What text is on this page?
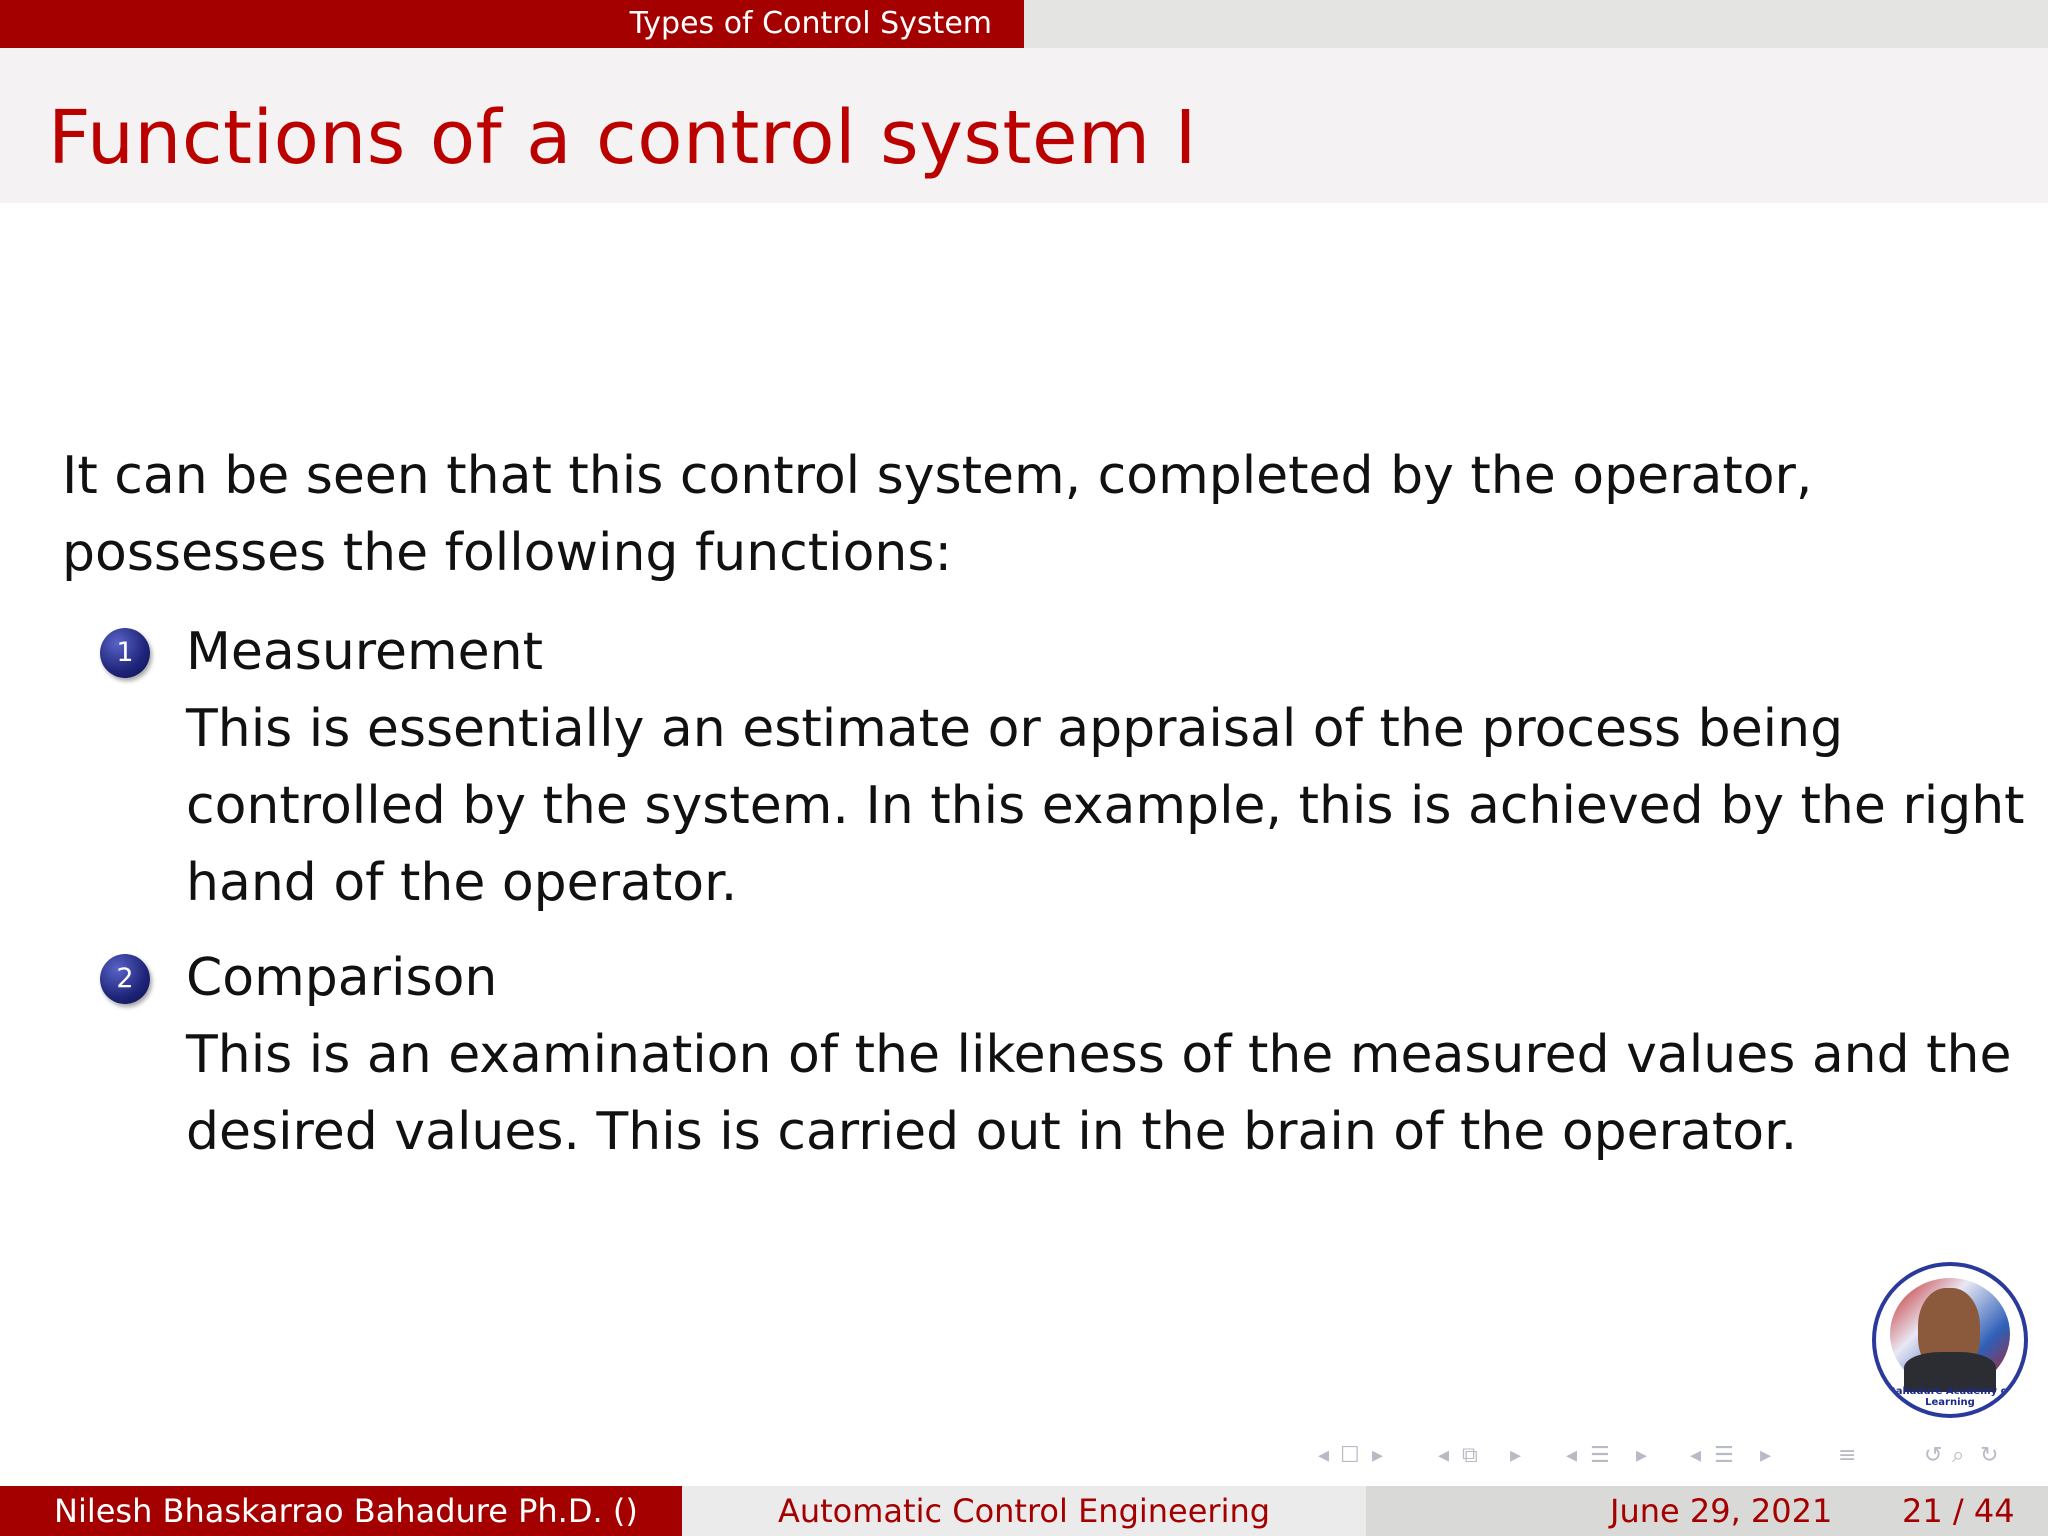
Types of Control System
Functions of a control system I
It can be seen that this control system, completed by the operator,
possesses the following functions:
1	Measurement
This is essentially an estimate or appraisal of the process being
controlled by the system. In this example, this is achieved by the right
hand of the operator.
2	Comparison
This is an examination of the likeness of the measured values and the
desired values. This is carried out in the brain of the operator.
Bahadure Academy of Learning
◂ ☐ ▸ ◂ ⧉ ▸ ◂ ☰ ▸ ◂ ☰ ▸	≡	↺ ⌕ ↻
Nilesh Bhaskarrao Bahadure Ph.D. ()	Automatic Control Engineering	June 29, 2021 21 / 44
